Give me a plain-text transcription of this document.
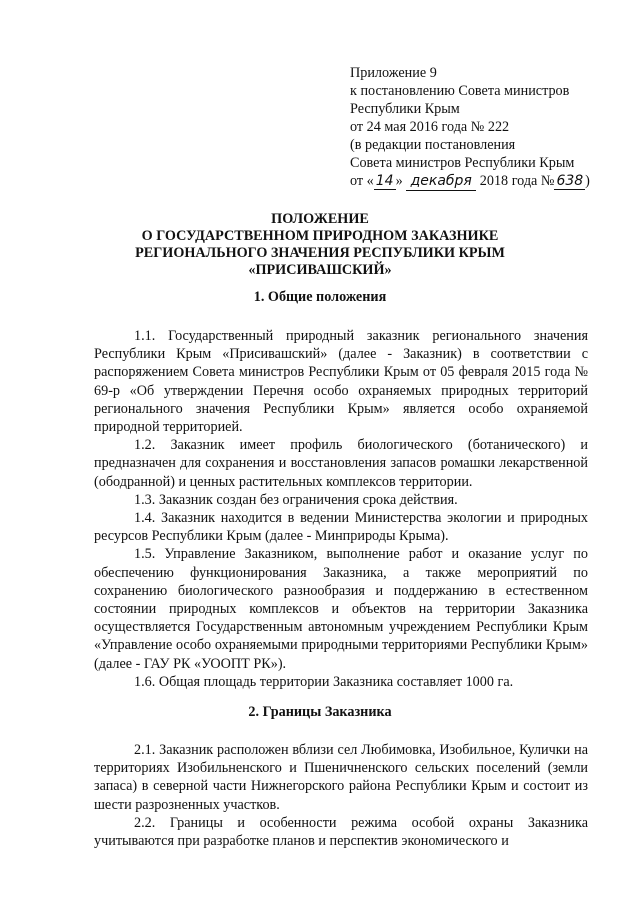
Приложение 9
к постановлению Совета министров
Республики Крым
от 24 мая 2016 года № 222
(в редакции постановления
Совета министров Республики Крым
от « 14 » декабря 2018 года № 638 )
ПОЛОЖЕНИЕ
О ГОСУДАРСТВЕННОМ ПРИРОДНОМ ЗАКАЗНИКЕ
РЕГИОНАЛЬНОГО ЗНАЧЕНИЯ РЕСПУБЛИКИ КРЫМ
«ПРИСИВАШСКИЙ»
1. Общие положения

1.1. Государственный природный заказник регионального значения Республики Крым «Присивашский» (далее - Заказник) в соответствии с распоряжением Совета министров Республики Крым от 05 февраля 2015 года № 69-р «Об утверждении Перечня особо охраняемых природных территорий регионального значения Республики Крым» является особо охраняемой природной территорией.

1.2. Заказник имеет профиль биологического (ботанического) и предназначен для сохранения и восстановления запасов ромашки лекарственной (ободранной) и ценных растительных комплексов территории.

1.3. Заказник создан без ограничения срока действия.

1.4. Заказник находится в ведении Министерства экологии и природных ресурсов Республики Крым (далее - Минприроды Крыма).

1.5. Управление Заказником, выполнение работ и оказание услуг по обеспечению функционирования Заказника, а также мероприятий по сохранению биологического разнообразия и поддержанию в естественном состоянии природных комплексов и объектов на территории Заказника осуществляется Государственным автономным учреждением Республики Крым «Управление особо охраняемыми природными территориями Республики Крым» (далее - ГАУ РК «УООПТ РК»).

1.6. Общая площадь территории Заказника составляет 1000 га.

2. Границы Заказника

2.1. Заказник расположен вблизи сел Любимовка, Изобильное, Кулички на территориях Изобильненского и Пшеничненского сельских поселений (земли запаса) в северной части Нижнегорского района Республики Крым и состоит из шести разрозненных участков.

2.2. Границы и особенности режима особой охраны Заказника учитываются при разработке планов и перспектив экономического и
